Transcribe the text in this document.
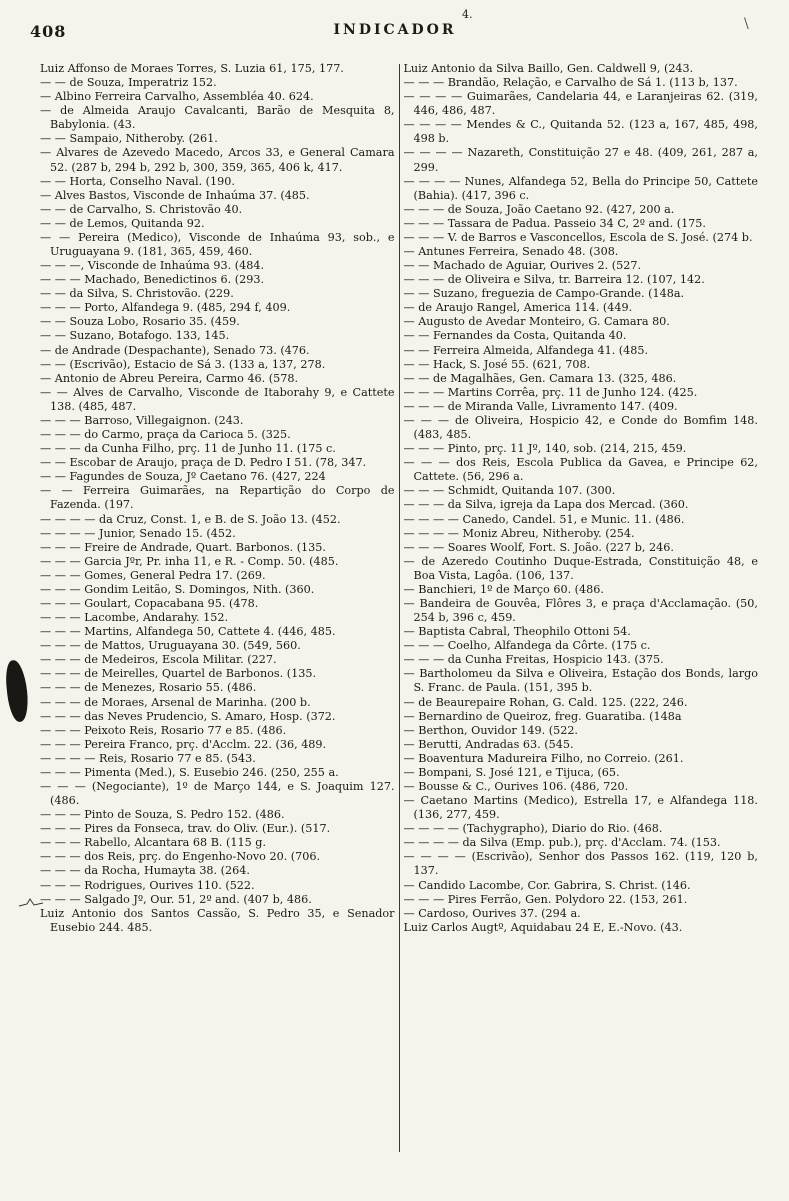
408	INDICADOR
4.
\

Luiz Affonso de Moraes Torres, S. Luzia 61, 175, 177.

— — de Souza, Imperatriz 152.

— Albino Ferreira Carvalho, Assembléa 40. 624.

— de Almeida Araujo Cavalcanti, Barão de Mesquita 8, Babylonia. (43.

— — Sampaio, Nitheroby. (261.

— Alvares de Azevedo Macedo, Arcos 33, e General Camara 52. (287 b, 294 b, 292 b, 300, 359, 365, 406 k, 417.

— — Horta, Conselho Naval. (190.

— Alves Bastos, Visconde de Inhaúma 37. (485.

— — de Carvalho, S. Christovão 40.

— — de Lemos, Quitanda 92.

— — Pereira (Medico), Visconde de Inhaúma 93, sob., e Uruguayana 9. (181, 365, 459, 460.

— — —, Visconde de Inhaúma 93. (484.

— — — Machado, Benedictinos 6. (293.

— — da Silva, S. Christovão. (229.

— — — Porto, Alfandega 9. (485, 294 f, 409.

— — Souza Lobo, Rosario 35. (459.

— — Suzano, Botafogo. 133, 145.

— de Andrade (Despachante), Senado 73. (476.

— — (Escrivão), Estacio de Sá 3. (133 a, 137, 278.

— Antonio de Abreu Pereira, Carmo 46. (578.

— — Alves de Carvalho, Visconde de Itaborahy 9, e Cattete 138. (485, 487.

— — — Barroso, Villegaignon. (243.

— — — do Carmo, praça da Carioca 5. (325.

— — — da Cunha Filho, prç. 11 de Junho 11. (175 c.

— — Escobar de Araujo, praça de D. Pedro I 51. (78, 347.

— — Fagundes de Souza, Jº Caetano 76. (427, 224

— — Ferreira Guimarães, na Repartição do Corpo de Fazenda. (197.

— — — — da Cruz, Const. 1, e B. de S. João 13. (452.

— — — — Junior, Senado 15. (452.

— — — Freire de Andrade, Quart. Barbonos. (135.

— — — Garcia Jºr, Pr. inha 11, e R. - Comp. 50. (485.

— — — Gomes, General Pedra 17. (269.

— — — Gondim Leitão, S. Domingos, Nith. (360.

— — — Goulart, Copacabana 95. (478.

— — — Lacombe, Andarahy. 152.

— — — Martins, Alfandega 50, Cattete 4. (446, 485.

— — — de Mattos, Uruguayana 30. (549, 560.

— — — de Medeiros, Escola Militar. (227.

— — — de Meirelles, Quartel de Barbonos. (135.

— — — de Menezes, Rosario 55. (486.

— — — de Moraes, Arsenal de Marinha. (200 b.

— — — das Neves Prudencio, S. Amaro, Hosp. (372.

— — — Peixoto Reis, Rosario 77 e 85. (486.

— — — Pereira Franco, prç. d'Acclm. 22. (36, 489.

— — — — Reis, Rosario 77 e 85. (543.

— — — Pimenta (Med.), S. Eusebio 246. (250, 255 a.

— — — (Negociante), 1º de Março 144, e S. Joaquim 127. (486.

— — — Pinto de Souza, S. Pedro 152. (486.

— — — Pires da Fonseca, trav. do Oliv. (Eur.). (517.

— — — Rabello, Alcantara 68 B. (115 g.

— — — dos Reis, prç. do Engenho-Novo 20. (706.

— — — da Rocha, Humayta 38. (264.

— — — Rodrigues, Ourives 110. (522.

— — — Salgado Jº, Our. 51, 2º and. (407 b, 486.

Luiz Antonio dos Santos Cassão, S. Pedro 35, e Senador Eusebio 244. 485.

Luiz Antonio da Silva Baillo, Gen. Caldwell 9, (243.

— — — Brandão, Relação, e Carvalho de Sá 1. (113 b, 137.

— — — — Guimarães, Candelaria 44, e Laranjeiras 62. (319, 446, 486, 487.

— — — — Mendes & C., Quitanda 52. (123 a, 167, 485, 498, 498 b.

— — — — Nazareth, Constituição 27 e 48. (409, 261, 287 a, 299.

— — — — Nunes, Alfandega 52, Bella do Principe 50, Cattete (Bahia). (417, 396 c.

— — — de Souza, João Caetano 92. (427, 200 a.

— — — Tassara de Padua. Passeio 34 C, 2º and. (175.

— — — V. de Barros e Vasconcellos, Escola de S. José. (274 b.

— Antunes Ferreira, Senado 48. (308.

— — Machado de Aguiar, Ourives 2. (527.

— — — de Oliveira e Silva, tr. Barreira 12. (107, 142.

— — Suzano, freguezia de Campo-Grande. (148a.

— de Araujo Rangel, America 114. (449.

— Augusto de Avedar Monteiro, G. Camara 80.

— — Fernandes da Costa, Quitanda 40.

— — Ferreira Almeida, Alfandega 41. (485.

— — Hack, S. José 55. (621, 708.

— — de Magalhães, Gen. Camara 13. (325, 486.

— — — Martins Corrêa, prç. 11 de Junho 124. (425.

— — — de Miranda Valle, Livramento 147. (409.

— — — de Oliveira, Hospicio 42, e Conde do Bomfim 148. (483, 485.

— — — Pinto, prç. 11 Jº, 140, sob. (214, 215, 459.

— — — dos Reis, Escola Publica da Gavea, e Principe 62, Cattete. (56, 296 a.

— — — Schmidt, Quitanda 107. (300.

— — — da Silva, igreja da Lapa dos Mercad. (360.

— — — — Canedo, Candel. 51, e Munic. 11. (486.

— — — — Moniz Abreu, Nitheroby. (254.

— — — Soares Woolf, Fort. S. João. (227 b, 246.

— de Azeredo Coutinho Duque-Estrada, Constituição 48, e Boa Vista, Lagôa. (106, 137.

— Banchieri, 1º de Março 60. (486.

— Bandeira de Gouvêa, Flôres 3, e praça d'Acclamação. (50, 254 b, 396 c, 459.

— Baptista Cabral, Theophilo Ottoni 54.

— — — Coelho, Alfandega da Côrte. (175 c.

— — — da Cunha Freitas, Hospicio 143. (375.

— Bartholomeu da Silva e Oliveira, Estação dos Bonds, largo S. Franc. de Paula. (151, 395 b.

— de Beaurepaire Rohan, G. Cald. 125. (222, 246.

— Bernardino de Queiroz, freg. Guaratiba. (148a

— Berthon, Ouvidor 149. (522.

— Berutti, Andradas 63. (545.

— Boaventura Madureira Filho, no Correio. (261.

— Bompani, S. José 121, e Tijuca, (65.

— Bousse & C., Ourives 106. (486, 720.

— Caetano Martins (Medico), Estrella 17, e Alfandega 118. (136, 277, 459.

— — — — (Tachygrapho), Diario do Rio. (468.

— — — — da Silva (Emp. pub.), prç. d'Acclam. 74. (153.

— — — — (Escrivão), Senhor dos Passos 162. (119, 120 b, 137.

— Candido Lacombe, Cor. Gabrira, S. Christ. (146.

— — — Pires Ferrão, Gen. Polydoro 22. (153, 261.

— Cardoso, Ourives 37. (294 a.

Luiz Carlos Augtº, Aquidabau 24 E, E.-Novo. (43.
